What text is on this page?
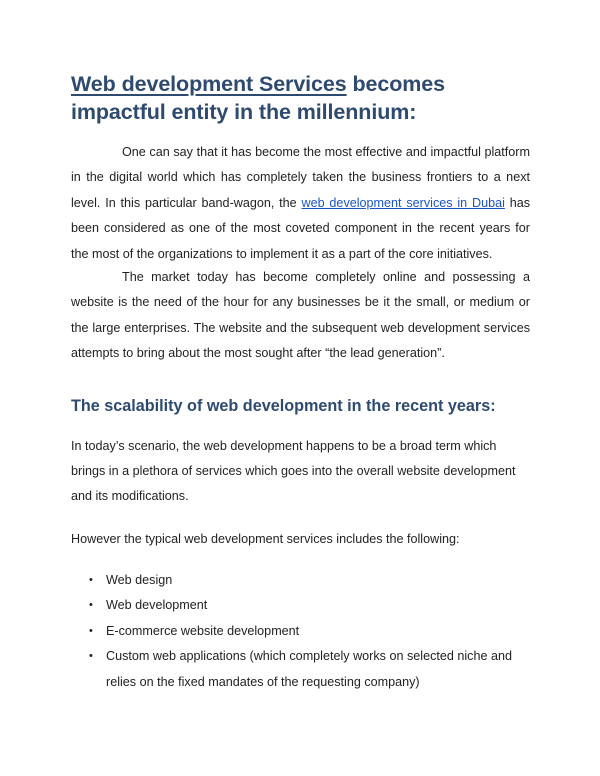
Web development Services becomes impactful entity in the millennium:

One can say that it has become the most effective and impactful platform in the digital world which has completely taken the business frontiers to a next level. In this particular band-wagon, the web development services in Dubai has been considered as one of the most coveted component in the recent years for the most of the organizations to implement it as a part of the core initiatives.

The market today has become completely online and possessing a website is the need of the hour for any businesses be it the small, or medium or the large enterprises. The website and the subsequent web development services attempts to bring about the most sought after “the lead generation”.

The scalability of web development in the recent years:

In today’s scenario, the web development happens to be a broad term which brings in a plethora of services which goes into the overall website development and its modifications.

However the typical web development services includes the following:

• Web design
• Web development
• E-commerce website development
• Custom web applications (which completely works on selected niche and relies on the fixed mandates of the requesting company)
